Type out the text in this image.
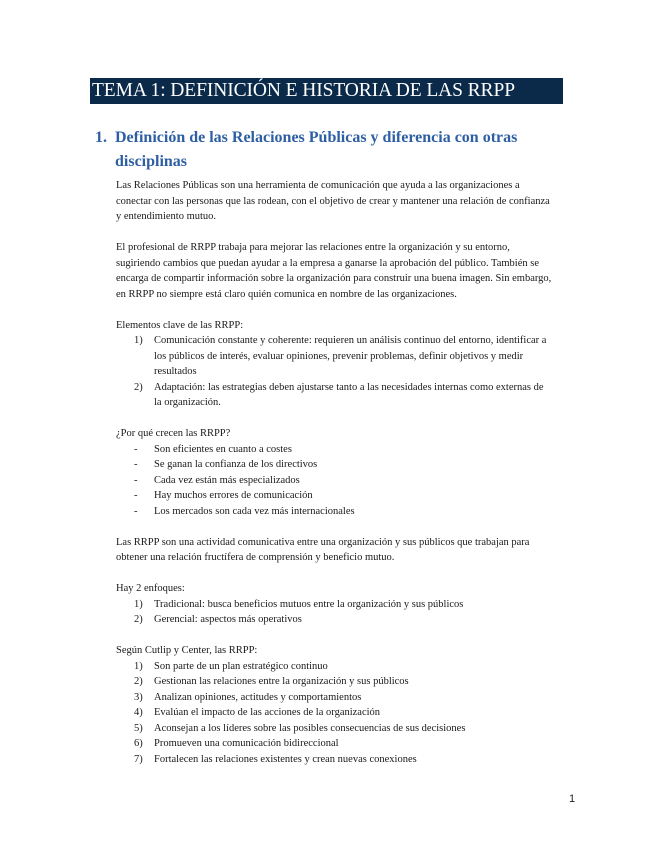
TEMA 1: DEFINICIÓN E HISTORIA DE LAS RRPP
1. Definición de las Relaciones Públicas y diferencia con otras disciplinas

Las Relaciones Públicas son una herramienta de comunicación que ayuda a las organizaciones a conectar con las personas que las rodean, con el objetivo de crear y mantener una relación de confianza y entendimiento mutuo.

El profesional de RRPP trabaja para mejorar las relaciones entre la organización y su entorno, sugiriendo cambios que puedan ayudar a la empresa a ganarse la aprobación del público. También se encarga de compartir información sobre la organización para construir una buena imagen. Sin embargo, en RRPP no siempre está claro quién comunica en nombre de las organizaciones.

Elementos clave de las RRPP:

1) Comunicación constante y coherente: requieren un análisis continuo del entorno, identificar a los públicos de interés, evaluar opiniones, prevenir problemas, definir objetivos y medir resultados
2) Adaptación: las estrategias deben ajustarse tanto a las necesidades internas como externas de la organización.

¿Por qué crecen las RRPP?

- Son eficientes en cuanto a costes
- Se ganan la confianza de los directivos
- Cada vez están más especializados
- Hay muchos errores de comunicación
- Los mercados son cada vez más internacionales

Las RRPP son una actividad comunicativa entre una organización y sus públicos que trabajan para obtener una relación fructífera de comprensión y beneficio mutuo.

Hay 2 enfoques:

1) Tradicional: busca beneficios mutuos entre la organización y sus públicos
2) Gerencial: aspectos más operativos

Según Cutlip y Center, las RRPP:

1) Son parte de un plan estratégico continuo
2) Gestionan las relaciones entre la organización y sus públicos
3) Analizan opiniones, actitudes y comportamientos
4) Evalúan el impacto de las acciones de la organización
5) Aconsejan a los líderes sobre las posibles consecuencias de sus decisiones
6) Promueven una comunicación bidireccional
7) Fortalecen las relaciones existentes y crean nuevas conexiones
1
